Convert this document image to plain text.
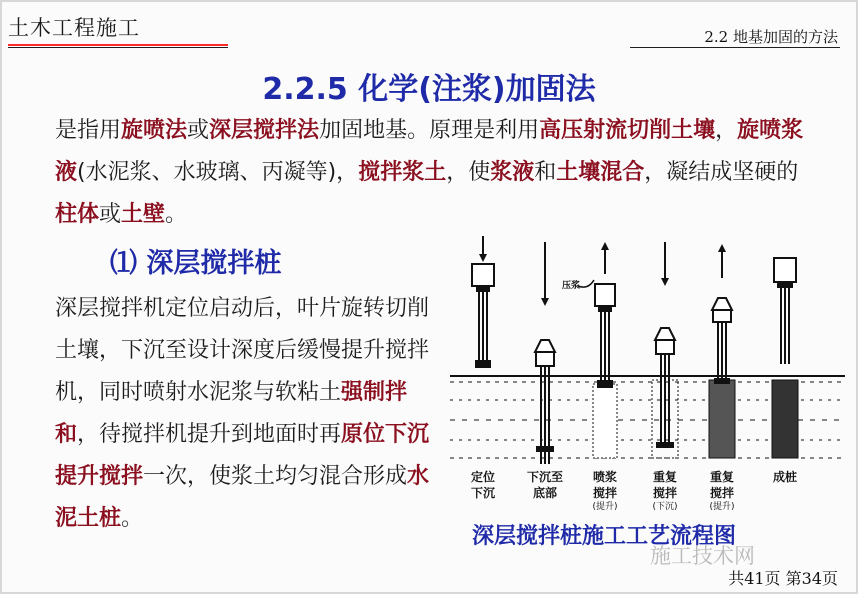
土木工程施工	2.2 地基加固的方法
2.2.5 化学(注浆)加固法
是指用旋喷法或深层搅拌法加固地基。原理是利用高压射流切削土壤，旋喷浆液(水泥浆、水玻璃、丙凝等)，搅拌浆土，使浆液和土壤混合，凝结成坚硬的柱体或土壁。
⑴ 深层搅拌桩
深层搅拌机定位启动后，叶片旋转切削土壤，下沉至设计深度后缓慢提升搅拌机，同时喷射水泥浆与软粘土强制拌和，待搅拌机提升到地面时再原位下沉提升搅拌一次，使浆土均匀混合形成水泥土桩。
压浆
定位
下沉
下沉至
底部
喷浆
搅拌
(提升)
重复
搅拌
(下沉)
重复
搅拌
(提升)
成桩
深层搅拌桩施工工艺流程图
施工技术网
共41页 第34页
